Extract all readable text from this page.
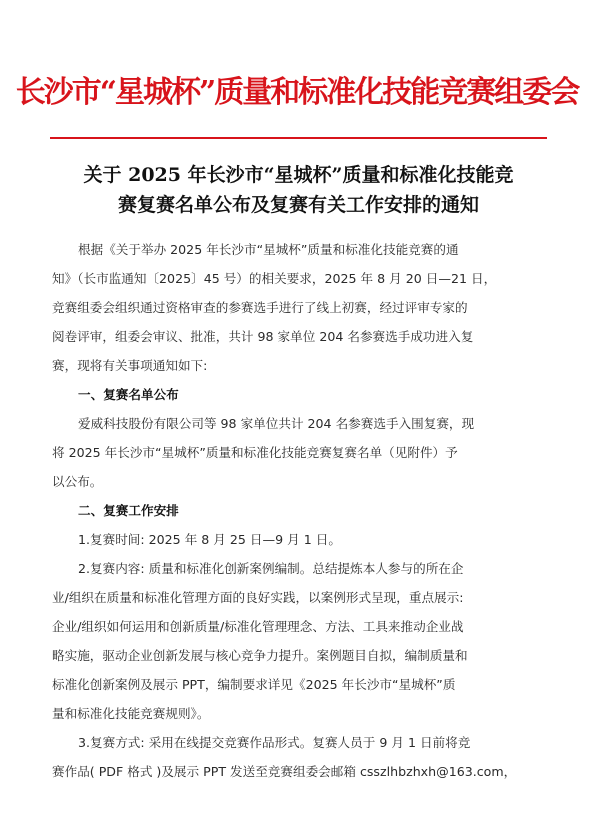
长沙市“星城杯”质量和标准化技能竞赛组委会
关于 2025 年长沙市“星城杯”质量和标准化技能竞
赛复赛名单公布及复赛有关工作安排的通知
根据《关于举办 2025 年长沙市“星城杯”质量和标准化技能竞赛的通
知》（长市监通知〔2025〕45 号）的相关要求，2025 年 8 月 20 日—21 日，
竞赛组委会组织通过资格审查的参赛选手进行了线上初赛，经过评审专家的
阅卷评审，组委会审议、批准，共计 98 家单位 204 名参赛选手成功进入复
赛，现将有关事项通知如下:
一、复赛名单公布
爱威科技股份有限公司等 98 家单位共计 204 名参赛选手入围复赛，现
将 2025 年长沙市“星城杯”质量和标准化技能竞赛复赛名单（见附件）予
以公布。
二、复赛工作安排
1.复赛时间: 2025 年 8 月 25 日—9 月 1 日。
2.复赛内容: 质量和标准化创新案例编制。总结提炼本人参与的所在企
业/组织在质量和标准化管理方面的良好实践，以案例形式呈现，重点展示:
企业/组织如何运用和创新质量/标准化管理理念、方法、工具来推动企业战
略实施，驱动企业创新发展与核心竞争力提升。案例题目自拟，编制质量和
标准化创新案例及展示 PPT，编制要求详见《2025 年长沙市“星城杯”质
量和标准化技能竞赛规则》。
3.复赛方式: 采用在线提交竞赛作品形式。复赛人员于 9 月 1 日前将竞
赛作品( PDF 格式 )及展示 PPT 发送至竞赛组委会邮箱 csszlhbzhxh@163.com，
